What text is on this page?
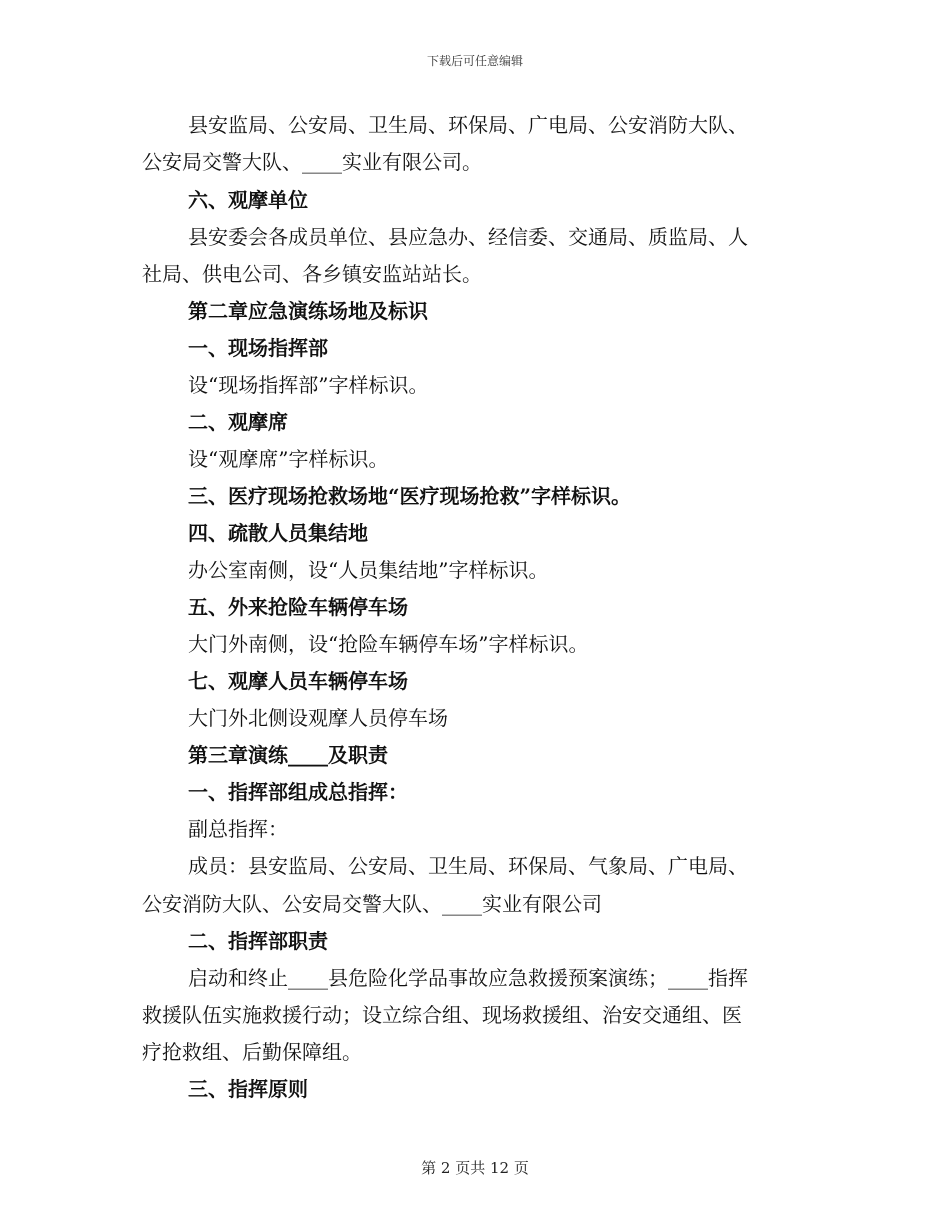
下载后可任意编辑
县安监局、公安局、卫生局、环保局、广电局、公安消防大队、
公安局交警大队、____实业有限公司。
六、观摩单位
县安委会各成员单位、县应急办、经信委、交通局、质监局、人
社局、供电公司、各乡镇安监站站长。
第二章应急演练场地及标识
一、现场指挥部
设“现场指挥部”字样标识。
二、观摩席
设“观摩席”字样标识。
三、医疗现场抢救场地“医疗现场抢救”字样标识。
四、疏散人员集结地
办公室南侧，设“人员集结地”字样标识。
五、外来抢险车辆停车场
大门外南侧，设“抢险车辆停车场”字样标识。
七、观摩人员车辆停车场
大门外北侧设观摩人员停车场
第三章演练____及职责
一、指挥部组成总指挥：
副总指挥：
成员：县安监局、公安局、卫生局、环保局、气象局、广电局、
公安消防大队、公安局交警大队、____实业有限公司
二、指挥部职责
启动和终止____县危险化学品事故应急救援预案演练；____指挥
救援队伍实施救援行动；设立综合组、现场救援组、治安交通组、医
疗抢救组、后勤保障组。
三、指挥原则
第 2 页共 12 页
